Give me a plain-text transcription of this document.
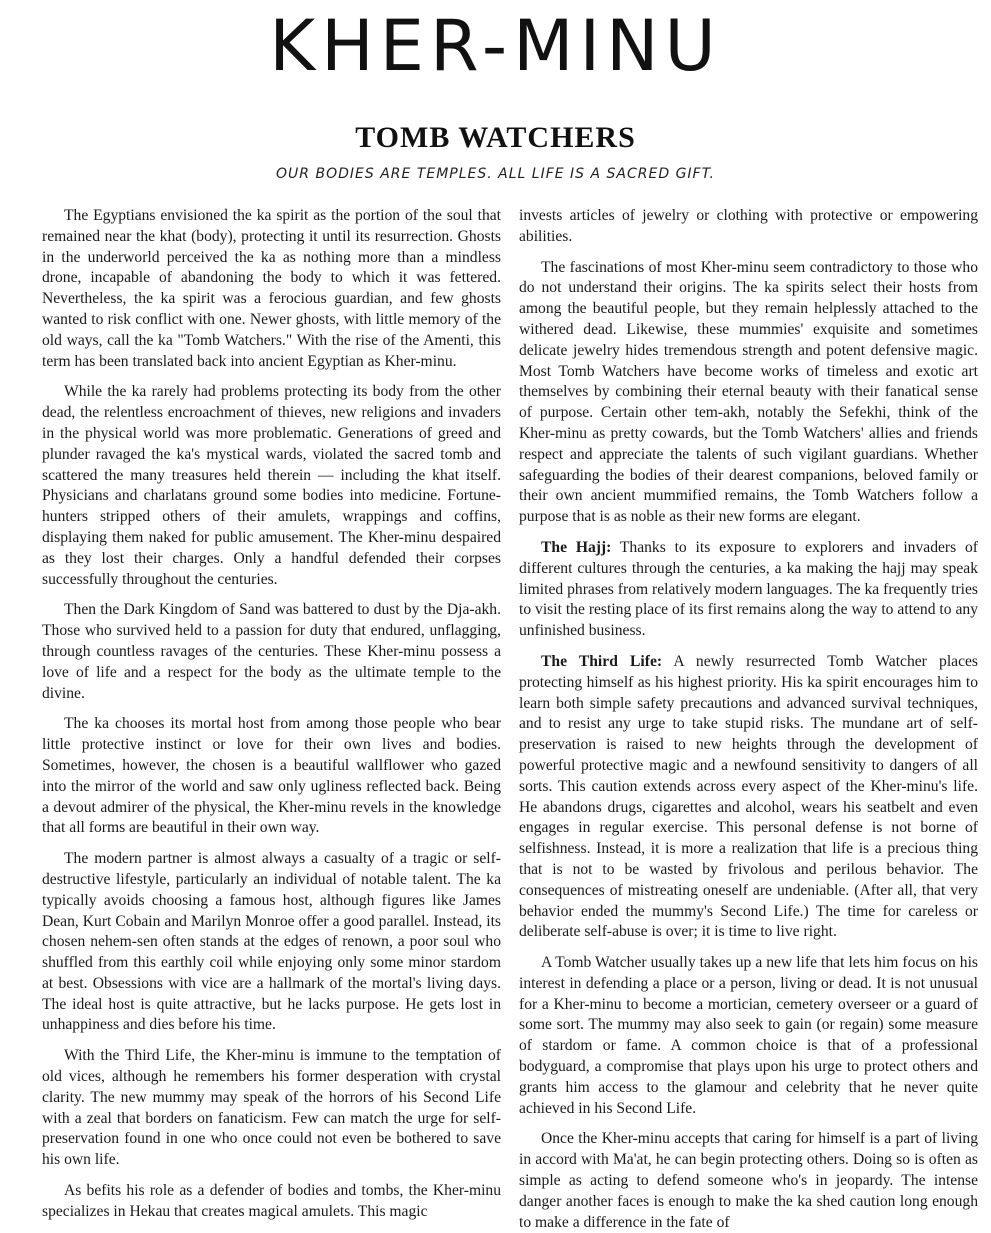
KHER-MINU
TOMB WATCHERS
OUR BODIES ARE TEMPLES. ALL LIFE IS A SACRED GIFT.

The Egyptians envisioned the ka spirit as the portion of the soul that remained near the khat (body), protecting it until its resurrection. Ghosts in the underworld perceived the ka as nothing more than a mindless drone, incapable of abandoning the body to which it was fettered. Nevertheless, the ka spirit was a ferocious guardian, and few ghosts wanted to risk conflict with one. Newer ghosts, with little memory of the old ways, call the ka "Tomb Watchers." With the rise of the Amenti, this term has been translated back into ancient Egyptian as Kher-minu.

While the ka rarely had problems protecting its body from the other dead, the relentless encroachment of thieves, new religions and invaders in the physical world was more problematic. Generations of greed and plunder ravaged the ka's mystical wards, violated the sacred tomb and scattered the many treasures held therein — including the khat itself. Physicians and charlatans ground some bodies into medicine. Fortune-hunters stripped others of their amulets, wrappings and coffins, displaying them naked for public amusement. The Kher-minu despaired as they lost their charges. Only a handful defended their corpses successfully throughout the centuries.

Then the Dark Kingdom of Sand was battered to dust by the Dja-akh. Those who survived held to a passion for duty that endured, unflagging, through countless ravages of the centuries. These Kher-minu possess a love of life and a respect for the body as the ultimate temple to the divine.

The ka chooses its mortal host from among those people who bear little protective instinct or love for their own lives and bodies. Sometimes, however, the chosen is a beautiful wallflower who gazed into the mirror of the world and saw only ugliness reflected back. Being a devout admirer of the physical, the Kher-minu revels in the knowledge that all forms are beautiful in their own way.

The modern partner is almost always a casualty of a tragic or self-destructive lifestyle, particularly an individual of notable talent. The ka typically avoids choosing a famous host, although figures like James Dean, Kurt Cobain and Marilyn Monroe offer a good parallel. Instead, its chosen nehem-sen often stands at the edges of renown, a poor soul who shuffled from this earthly coil while enjoying only some minor stardom at best. Obsessions with vice are a hallmark of the mortal's living days. The ideal host is quite attractive, but he lacks purpose. He gets lost in unhappiness and dies before his time.

With the Third Life, the Kher-minu is immune to the temptation of old vices, although he remembers his former desperation with crystal clarity. The new mummy may speak of the horrors of his Second Life with a zeal that borders on fanaticism. Few can match the urge for self-preservation found in one who once could not even be bothered to save his own life.

As befits his role as a defender of bodies and tombs, the Kher-minu specializes in Hekau that creates magical amulets. This magic

invests articles of jewelry or clothing with protective or empowering abilities.

The fascinations of most Kher-minu seem contradictory to those who do not understand their origins. The ka spirits select their hosts from among the beautiful people, but they remain helplessly attached to the withered dead. Likewise, these mummies' exquisite and sometimes delicate jewelry hides tremendous strength and potent defensive magic. Most Tomb Watchers have become works of timeless and exotic art themselves by combining their eternal beauty with their fanatical sense of purpose. Certain other tem-akh, notably the Sefekhi, think of the Kher-minu as pretty cowards, but the Tomb Watchers' allies and friends respect and appreciate the talents of such vigilant guardians. Whether safeguarding the bodies of their dearest companions, beloved family or their own ancient mummified remains, the Tomb Watchers follow a purpose that is as noble as their new forms are elegant.

The Hajj: Thanks to its exposure to explorers and invaders of different cultures through the centuries, a ka making the hajj may speak limited phrases from relatively modern languages. The ka frequently tries to visit the resting place of its first remains along the way to attend to any unfinished business.

The Third Life: A newly resurrected Tomb Watcher places protecting himself as his highest priority. His ka spirit encourages him to learn both simple safety precautions and advanced survival techniques, and to resist any urge to take stupid risks. The mundane art of self-preservation is raised to new heights through the development of powerful protective magic and a newfound sensitivity to dangers of all sorts. This caution extends across every aspect of the Kher-minu's life. He abandons drugs, cigarettes and alcohol, wears his seatbelt and even engages in regular exercise. This personal defense is not borne of selfishness. Instead, it is more a realization that life is a precious thing that is not to be wasted by frivolous and perilous behavior. The consequences of mistreating oneself are undeniable. (After all, that very behavior ended the mummy's Second Life.) The time for careless or deliberate self-abuse is over; it is time to live right.

A Tomb Watcher usually takes up a new life that lets him focus on his interest in defending a place or a person, living or dead. It is not unusual for a Kher-minu to become a mortician, cemetery overseer or a guard of some sort. The mummy may also seek to gain (or regain) some measure of stardom or fame. A common choice is that of a professional bodyguard, a compromise that plays upon his urge to protect others and grants him access to the glamour and celebrity that he never quite achieved in his Second Life.

Once the Kher-minu accepts that caring for himself is a part of living in accord with Ma'at, he can begin protecting others. Doing so is often as simple as acting to defend someone who's in jeopardy. The intense danger another faces is enough to make the ka shed caution long enough to make a difference in the fate of
